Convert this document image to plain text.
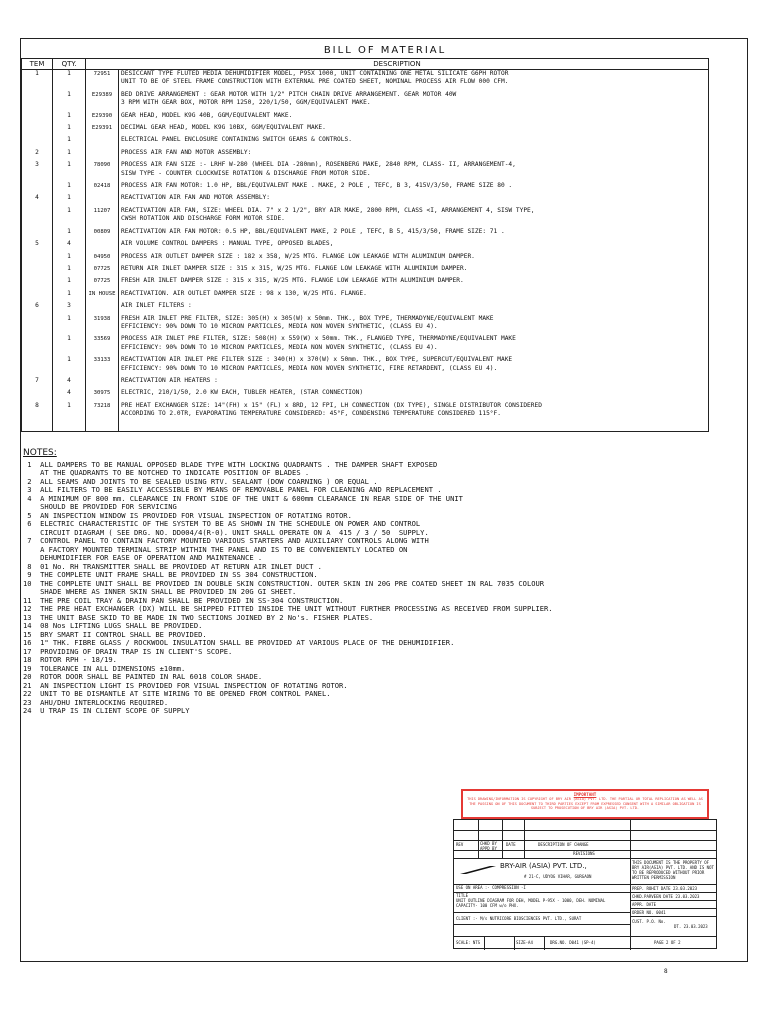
BILL OF MATERIAL
TEM	QTY.	DESCRIPTION	
1	1	72951	DESICCANT TYPE FLUTED MEDIA DEHUMIDIFIER MODEL, P95X 1000, UNIT CONTAINING ONE METAL SILICATE G6PH ROTOR
UNIT TO BE OF STEEL FRAME CONSTRUCTION WITH EXTERNAL PRE COATED SHEET, NOMINAL PROCESS AIR FLOW 000 CFM.

	1	E29389	BED DRIVE ARRANGEMENT : GEAR MOTOR WITH 1/2" PITCH CHAIN DRIVE ARRANGEMENT. GEAR MOTOR 40W
3 RPM WITH GEAR BOX, MOTOR RPM 1250, 220/1/50, GGM/EQUIVALENT MAKE.

	1	E29390	GEAR HEAD, MODEL K9G 40B, GGM/EQUIVALENT MAKE.

	1	E29391	DECIMAL GEAR HEAD, MODEL K9G 10BX, GGM/EQUIVALENT MAKE.

	1		ELECTRICAL PANEL ENCLOSURE CONTAINING SWITCH GEARS & CONTROLS.

2	1		PROCESS AIR FAN AND MOTOR ASSEMBLY:

3	1	78090	PROCESS AIR FAN SIZE :- LRHF W-280 (WHEEL DIA -280mm), ROSENBERG MAKE, 2840 RPM, CLASS- II, ARRANGEMENT-4,
SISW TYPE - COUNTER CLOCKWISE ROTATION & DISCHARGE FROM MOTOR SIDE.

	1	02418	PROCESS AIR FAN MOTOR: 1.0 HP, BBL/EQUIVALENT MAKE . MAKE, 2 POLE , TEFC, B 3, 415V/3/50, FRAME SIZE 80 .

4	1		REACTIVATION AIR FAN AND MOTOR ASSEMBLY:

	1	11207	REACTIVATION AIR FAN, SIZE: WHEEL DIA. 7" x 2 1/2", BRY AIR MAKE, 2800 RPM, CLASS <I, ARRANGEMENT 4, SISW TYPE,
CWSH ROTATION AND DISCHARGE FORM MOTOR SIDE.

	1	00809	REACTIVATION AIR FAN MOTOR: 0.5 HP, BBL/EQUIVALENT MAKE, 2 POLE , TEFC, B 5, 415/3/50, FRAME SIZE: 71 .

5	4		AIR VOLUME CONTROL DAMPERS : MANUAL TYPE, OPPOSED BLADES,

	1	04950	PROCESS AIR OUTLET DAMPER SIZE : 182 x 358, W/25 MTG. FLANGE LOW LEAKAGE WITH ALUMINIUM DAMPER.

	1	07725	RETURN AIR INLET DAMPER SIZE : 315 x 315, W/25 MTG. FLANGE LOW LEAKAGE WITH ALUMINIUM DAMPER.

	1	07725	FRESH AIR INLET DAMPER SIZE : 315 x 315, W/25 MTG. FLANGE LOW LEAKAGE WITH ALUMINIUM DAMPER.

	1	IN HOUSE	REACTIVATION. AIR OUTLET DAMPER SIZE : 98 x 130, W/25 MTG. FLANGE.

6	3		AIR INLET FILTERS :

	1	31938	FRESH AIR INLET PRE FILTER, SIZE: 305(H) x 305(W) x 50mm. THK., BOX TYPE, THERMADYNE/EQUIVALENT MAKE
EFFICIENCY: 90% DOWN TO 10 MICRON PARTICLES, MEDIA NON WOVEN SYNTHETIC, (CLASS EU 4).

	1	33569	PROCESS AIR INLET PRE FILTER, SIZE: 508(H) x 559(W) x 50mm. THK., FLANGED TYPE, THERMADYNE/EQUIVALENT MAKE
EFFICIENCY: 90% DOWN TO 10 MICRON PARTICLES, MEDIA NON WOVEN SYNTHETIC, (CLASS EU 4).

	1	33133	REACTIVATION AIR INLET PRE FILTER SIZE : 340(H) x 370(W) x 50mm. THK., BOX TYPE, SUPERCUT/EQUIVALENT MAKE
EFFICIENCY: 90% DOWN TO 10 MICRON PARTICLES, MEDIA NON WOVEN SYNTHETIC, FIRE RETARDENT, (CLASS EU 4).

7	4		REACTIVATION AIR HEATERS :

	4	30975	ELECTRIC, 210/1/50, 2.0 KW EACH, TUBLER HEATER, (STAR CONNECTION)

8	1	73218	PRE HEAT EXCHANGER SIZE: 14"(FH) x 15" (FL) x 8RD, 12 FPI, LH CONNECTION (DX TYPE), SINGLE DISTRIBUTOR CONSIDERED
ACCORDING TO 2.0TR, EVAPORATING TEMPERATURE CONSIDERED: 45°F, CONDENSING TEMPERATURE CONSIDERED 115°F.

NOTES:
1  ALL DAMPERS TO BE MANUAL OPPOSED BLADE TYPE WITH LOCKING QUADRANTS . THE DAMPER SHAFT EXPOSED
AT THE QUADRANTS TO BE NOTCHED TO INDICATE POSITION OF BLADES .
2  ALL SEAMS AND JOINTS TO BE SEALED USING RTV. SEALANT (DOW COARNING ) OR EQUAL .
3  ALL FILTERS TO BE EASILY ACCESSIBLE BY MEANS OF REMOVABLE PANEL FOR CLEANING AND REPLACEMENT .
4  A MINIMUM OF 800 mm. CLEARANCE IN FRONT SIDE OF THE UNIT & 600mm CLEARANCE IN REAR SIDE OF THE UNIT
SHOULD BE PROVIDED FOR SERVICING
5  AN INSPECTION WINDOW IS PROVIDED FOR VISUAL INSPECTION OF ROTATING ROTOR.
6  ELECTRIC CHARACTERISTIC OF THE SYSTEM TO BE AS SHOWN IN THE SCHEDULE ON POWER AND CONTROL
CIRCUIT DIAGRAM ( SEE DRG. NO. DD004/4(R-0). UNIT SHALL OPERATE ON A  415 / 3 / 50  SUPPLY.
7  CONTROL PANEL TO CONTAIN FACTORY MOUNTED VARIOUS STARTERS AND AUXILIARY CONTROLS ALONG WITH
A FACTORY MOUNTED TERMINAL STRIP WITHIN THE PANEL AND IS TO BE CONVENIENTLY LOCATED ON
DEHUMIDIFIER FOR EASE OF OPERATION AND MAINTENANCE .
8  01 No. RH TRANSMITTER SHALL BE PROVIDED AT RETURN AIR INLET DUCT .
9  THE COMPLETE UNIT FRAME SHALL BE PROVIDED IN SS 304 CONSTRUCTION.
10  THE COMPLETE UNIT SHALL BE PROVIDED IN DOUBLE SKIN CONSTRUCTION. OUTER SKIN IN 20G PRE COATED SHEET IN RAL 7035 COLOUR
SHADE WHERE AS INNER SKIN SHALL BE PROVIDED IN 20G GI SHEET.
11  THE PRE COIL TRAY & DRAIN PAN SHALL BE PROVIDED IN SS-304 CONSTRUCTION.
12  THE PRE HEAT EXCHANGER (DX) WILL BE SHIPPED FITTED INSIDE THE UNIT WITHOUT FURTHER PROCESSING AS RECEIVED FROM SUPPLIER.
13  THE UNIT BASE SKID TO BE MADE IN TWO SECTIONS JOINED BY 2 No's. FISHER PLATES.
14  08 Nos LIFTING LUGS SHALL BE PROVIDED.
15  BRY SMART II CONTROL SHALL BE PROVIDED.
16  1" THK. FIBRE GLASS / ROCKWOOL INSULATION SHALL BE PROVIDED AT VARIOUS PLACE OF THE DEHUMIDIFIER.
17  PROVIDING OF DRAIN TRAP IS IN CLIENT'S SCOPE.
18  ROTOR RPH - 18/19.
19  TOLERANCE IN ALL DIMENSIONS ±10mm.
20  ROTOR DOOR SHALL BE PAINTED IN RAL 6018 COLOR SHADE.
21  AN INSPECTION LIGHT IS PROVIDED FOR VISUAL INSPECTION OF ROTATING ROTOR.
22  UNIT TO BE DISMANTLE AT SITE WIRING TO BE OPENED FROM CONTROL PANEL.
23  AHU/DHU INTERLOCKING REQUIRED.
24  U TRAP IS IN CLIENT SCOPE OF SUPPLY
IMPORTANT
THIS DRAWING/INFORMATION IS COPYRIGHT OF BRY AIR (ASIA) PVT. LTD. THE PARTIAL OR TOTAL REPLICATION AS WELL AS THE PASSING ON OF THIS DOCUMENT TO THIRD PARTIES EXCEPT FROM EXPRESSED CONSENT WITH A SIMILAR OBLIGATION IS SUBJECT TO PROSECUTION OF BRY AIR (ASIA) PVT. LTD.
REV	CHKD BY APPD BY
DATE	DESCRIPTION OF CHANGE
REVISIONS
BRY-AIR (ASIA) PVT. LTD.,
# 21-C, UDYOG VIHAR, GURGAON
THIS DOCUMENT IS THE PROPERTY OF BRY AIR(ASIA) PVT. LTD. AND IS NOT TO BE REPRODUCED WITHOUT PRIOR WRITTEN PERMISSION
USE ON AREA :- COMPRESSION -I
TITLE
UNIT OUTLINE DIAGRAM FOR DEH, MODEL P-95X - 1000, DEH. NOMINAL CAPACITY- 100 CFM w/o PHX.
CLIENT :- M/s NUTRICORE BIOSCIENCES PVT. LTD., SURAT
PREP. ROHIT DATE 23.03.2023
CHKD.PARVEEN DATE 23.03.2023
APPR. DATE
ORDER NO. 0041
CUST. P.O. No.
DT. 23.03.2023
SCALE: NTS	SIZE-A4	DRG.NO. D041 (SP-4)	PAGE 2 OF 2
8
